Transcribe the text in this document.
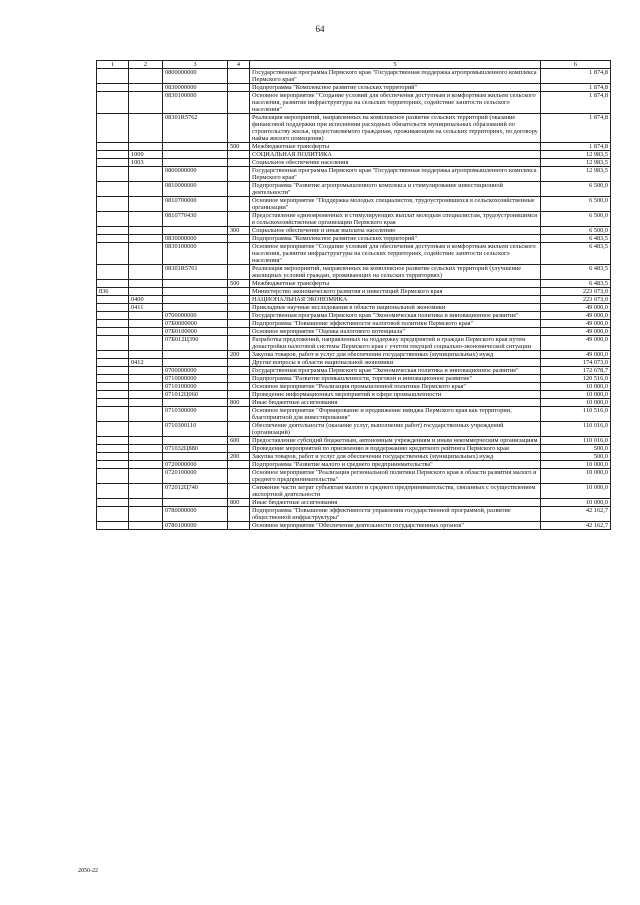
64
1	2	3	4	5	6
		0800000000		Государственная программа Пермского края "Государственная поддержка агропромышленного комплекса Пермского края"	1 874,8
		0830000000		Подпрограмма "Комплексное развитие сельских территорий"	1 874,8
		0830100000		Основное мероприятие "Создание условий для обеспечения доступным и комфортным жильем сельского населения, развитие инфраструктуры на сельских территориях, содействие занятости сельского населения"	1 874,8
		08301R5762		Реализация мероприятий, направленных на комплексное развитие сельских территорий (оказание финансовой поддержки при исполнении расходных обязательств муниципальных образований по строительству жилья, предоставляемого гражданам, проживающим на сельских территориях, по договору найма жилого помещения)	1 874,8
			500	Межбюджетные трансферты	1 874,8
	1000			СОЦИАЛЬНАЯ ПОЛИТИКА	12 983,5
	1003			Социальное обеспечение населения	12 983,5
		0800000000		Государственная программа Пермского края "Государственная поддержка агропромышленного комплекса Пермского края"	12 983,5
		0810000000		Подпрограмма "Развитие агропромышленного комплекса и стимулирование инвестиционной деятельности"	6 500,0
		0810700000		Основное мероприятие "Поддержка молодых специалистов, трудоустроившихся в сельскохозяйственные организации"	6 500,0
		0810770430		Предоставление единовременных и стимулирующих выплат молодым специалистам, трудоустроившимся в сельскохозяйственные организации Пермского края	6 500,0
			300	Социальное обеспечение и иные выплаты населению	6 500,0
		0830000000		Подпрограмма "Комплексное развитие сельских территорий"	6 483,5
		0830100000		Основное мероприятие "Создание условий для обеспечения доступным и комфортным жильем сельского населения, развитие инфраструктуры на сельских территориях, содействие занятости сельского населения"	6 483,5
		08301R5761		Реализация мероприятий, направленных на комплексное развитие сельских территорий (улучшение жилищных условий граждан, проживающих на сельских территориях)	6 483,5
			500	Межбюджетные трансферты	6 483,5
836				Министерство экономического развития и инвестиций Пермского края	223 073,0
	0400			НАЦИОНАЛЬНАЯ ЭКОНОМИКА	223 073,0
	0411			Прикладные научные исследования в области национальной экономики	49 000,0
		0700000000		Государственная программа Пермского края "Экономическая политика и инновационное развитие"	49 000,0
		07Б0000000		Подпрограмма "Повышение эффективности налоговой политики Пермского края"	49 000,0
		07Б0100000		Основное мероприятие "Оценка налогового потенциала"	49 000,0
		07Б012Ц390		Разработка предложений, направленных на поддержку предприятий и граждан Пермского края путем донастройки налоговой системы Пермского края с учетом текущей социально-экономической ситуации	49 000,0
			200	Закупка товаров, работ и услуг для обеспечения государственных (муниципальных) нужд	49 000,0
	0412			Другие вопросы в области национальной экономики	174 073,0
		0700000000		Государственная программа Пермского края "Экономическая политика и инновационное развитие"	172 678,7
		0710000000		Подпрограмма "Развитие промышленности, торговли и инновационное развитие"	120 516,0
		0710100000		Основное мероприятие "Реализация промышленной политики Пермского края"	10 000,0
		071012Ц060		Проведение информационных мероприятий в сфере промышленности	10 000,0
			800	Иные бюджетные ассигнования	10 000,0
		0710300000		Основное мероприятие "Формирование и продвижение имиджа Пермского края как территории, благоприятной для инвестирования"	110 516,0
		0710300110		Обеспечение деятельности (оказание услуг, выполнение работ) государственных учреждений (организаций)	110 016,0
			600	Предоставление субсидий бюджетным, автономным учреждениям и иным некоммерческим организациям	110 016,0
		071032Ц880		Проведение мероприятий по присвоению и поддержанию кредитного рейтинга Пермского края	500,0
			200	Закупка товаров, работ и услуг для обеспечения государственных (муниципальных) нужд	500,0
		0720000000		Подпрограмма "Развитие малого и среднего предпринимательства"	10 000,0
		0720100000		Основное мероприятие "Реализация региональной политики Пермского края в области развития малого и среднего предпринимательства"	10 000,0
		072012Ц740		Снижение части затрат субъектам малого и среднего предпринимательства, связанных с осуществлением экспортной деятельности	10 000,0
			800	Иные бюджетные ассигнования	10 000,0
		0780000000		Подпрограмма "Повышение эффективности управления государственной программой, развитие общественной инфраструктуры"	42 162,7
		0780100000		Основное мероприятие "Обеспечение деятельности государственных органов"	42 162,7
2050-22
